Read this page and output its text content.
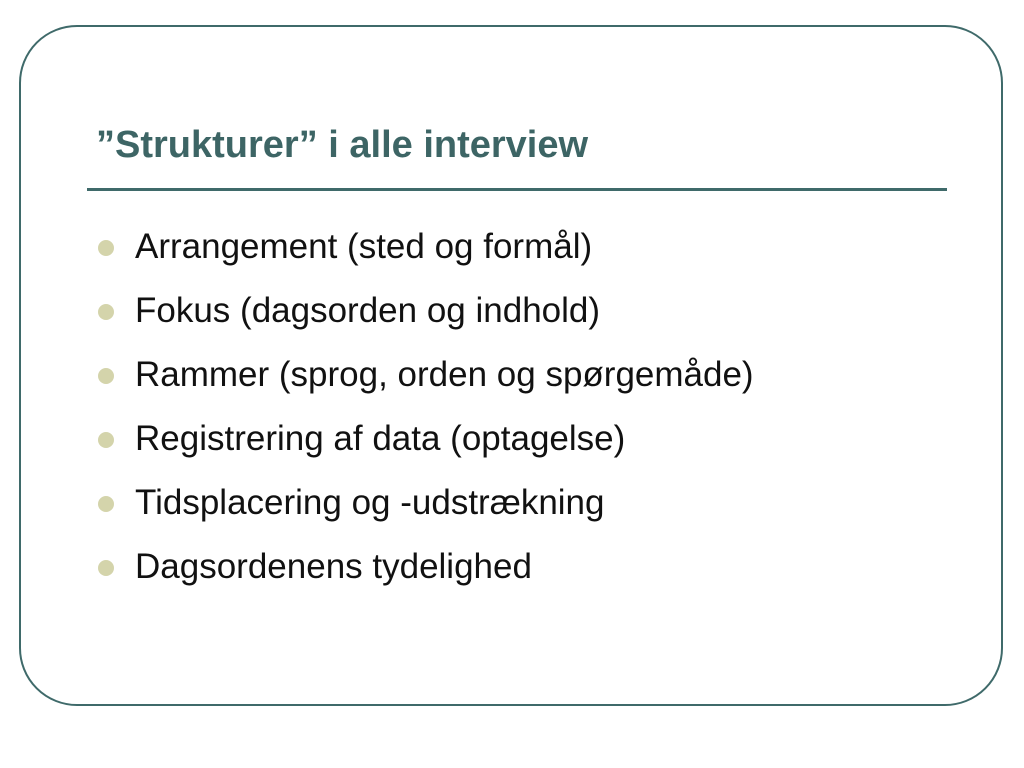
”Strukturer” i alle interview
Arrangement (sted og formål)
Fokus (dagsorden og indhold)
Rammer (sprog, orden og spørgemåde)
Registrering af data (optagelse)
Tidsplacering og -udstrækning
Dagsordenens tydelighed
